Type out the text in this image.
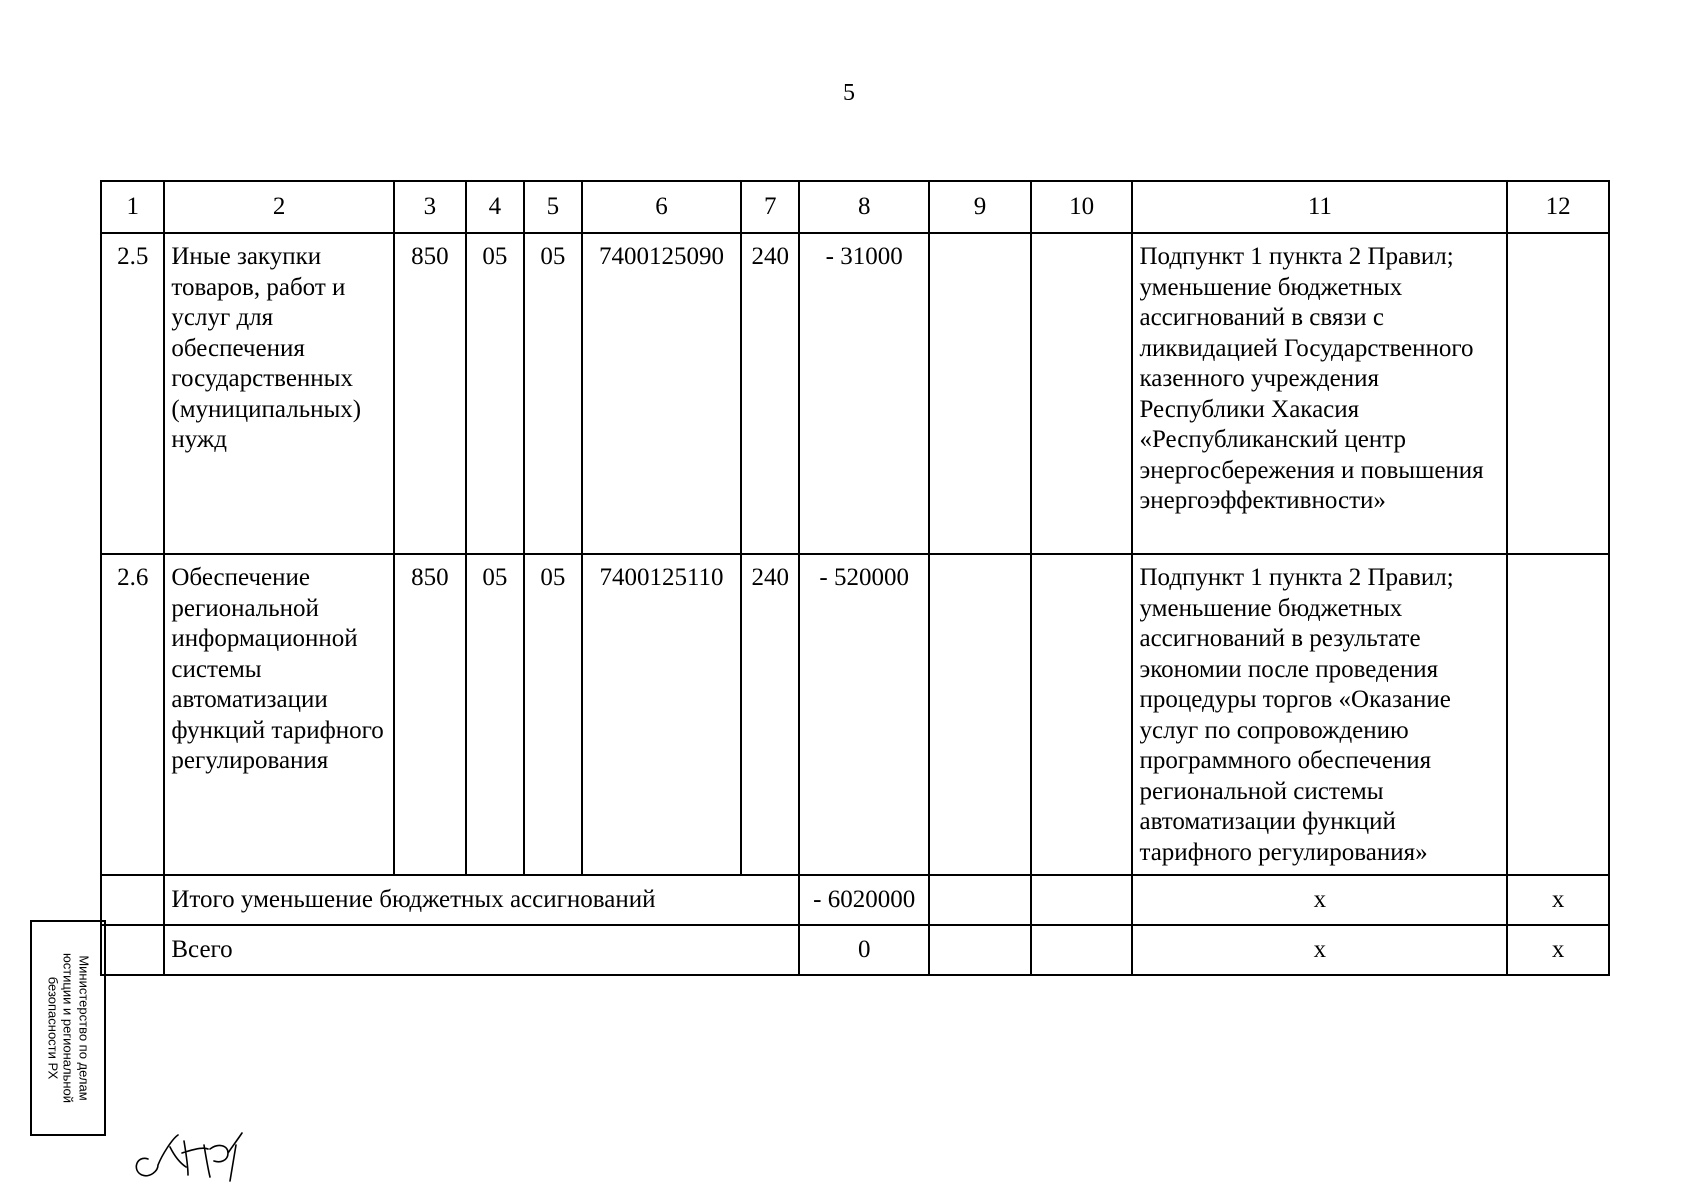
5
1	2	3	4	5	6	7	8	9	10	11	12
2.5	Иные закупки товаров, работ и услуг для обеспечения государственных (муниципальных) нужд	850	05	05	7400125090	240	- 31000			Подпункт 1 пункта 2 Правил; уменьшение бюджетных ассигнований в связи с ликвидацией Государственного казенного учреждения Республики Хакасия «Республиканский центр энергосбережения и повышения энергоэффективности»	
2.6	Обеспечение региональной информационной системы автоматизации функций тарифного регулирования	850	05	05	7400125110	240	- 520000			Подпункт 1 пункта 2 Правил; уменьшение бюджетных ассигнований в результате экономии после проведения процедуры торгов «Оказание услуг по сопровождению программного обеспечения региональной системы автоматизации функций тарифного регулирования»	
	Итого уменьшение бюджетных ассигнований						- 6020000			x	x
	Всего						0			x	x
Министерство по делам
юстиции и региональной
безопасности РХ
